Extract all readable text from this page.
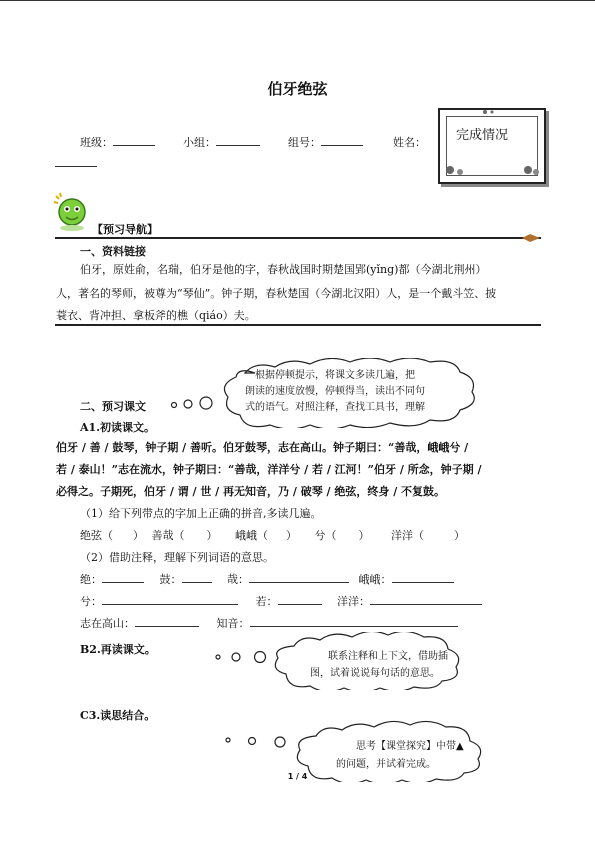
伯牙绝弦
班级：	小组：	组号：	姓名： 完成情况
【预习导航】
一、资料链接
伯牙，原姓俞，名瑞，伯牙是他的字，春秋战国时期楚国郢(yǐng)都（今湖北荆州）
人，著名的琴师，被尊为“琴仙”。钟子期，春秋楚国（今湖北汉阳）人，是一个戴斗笠、披
蓑衣、背冲担、拿板斧的樵（qiáo）夫。
根据停顿提示，将课文多读几遍，把
朗读的速度放慢，停顿得当，读出不同句
式的语气。对照注释，查找工具书，理解
二、预习课文
A1.初读课文。
伯牙 / 善 / 鼓琴，钟子期 / 善听。伯牙鼓琴，志在高山。钟子期曰：“善哉，峨峨兮 /
若 / 泰山！”志在流水，钟子期曰：“善哉，洋洋兮 / 若 / 江河！”伯牙 / 所念，钟子期 /
必得之。子期死，伯牙 / 谓 / 世 / 再无知音，乃 / 破琴 / 绝弦，终身 / 不复鼓。
（1）给下列带点的字加上正确的拼音,多读几遍。
绝弦（ ） 善哉（ ） 峨峨（ ） 兮（ ） 洋洋（	）
（2）借助注释，理解下列词语的意思。
绝：	鼓：	哉：	峨峨：
兮：	若：	洋洋：
志在高山：	知音：
B2.再读课文。
联系注释和上下文，借助插
图，试着说说每句话的意思。
C3.读思结合。
思考【课堂探究】中带▲
的问题，并试着完成。
1 / 4
